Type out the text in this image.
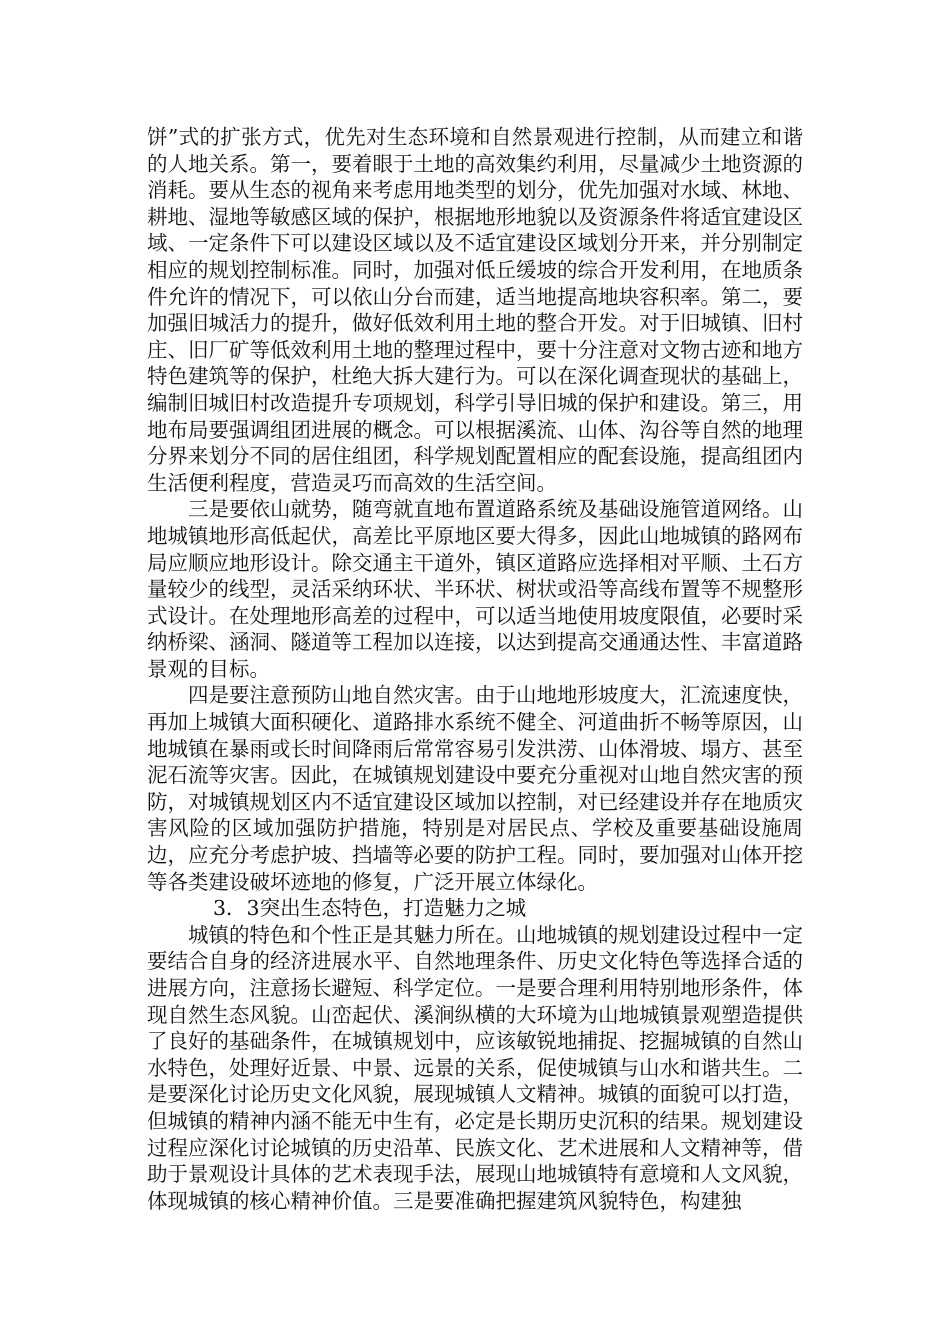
饼”式的扩张方式，优先对生态环境和自然景观进行控制，从而建立和谐的人地关系。第一，要着眼于土地的高效集约利用，尽量减少土地资源的消耗。要从生态的视角来考虑用地类型的划分，优先加强对水域、林地、耕地、湿地等敏感区域的保护，根据地形地貌以及资源条件将适宜建设区域、一定条件下可以建设区域以及不适宜建设区域划分开来，并分别制定相应的规划控制标准。同时，加强对低丘缓坡的综合开发利用，在地质条件允许的情况下，可以依山分台而建，适当地提高地块容积率。第二，要加强旧城活力的提升，做好低效利用土地的整合开发。对于旧城镇、旧村庄、旧厂矿等低效利用土地的整理过程中，要十分注意对文物古迹和地方特色建筑等的保护，杜绝大拆大建行为。可以在深化调查现状的基础上，编制旧城旧村改造提升专项规划，科学引导旧城的保护和建设。第三，用地布局要强调组团进展的概念。可以根据溪流、山体、沟谷等自然的地理分界来划分不同的居住组团，科学规划配置相应的配套设施，提高组团内生活便利程度，营造灵巧而高效的生活空间。

三是要依山就势，随弯就直地布置道路系统及基础设施管道网络。山地城镇地形高低起伏，高差比平原地区要大得多，因此山地城镇的路网布局应顺应地形设计。除交通主干道外，镇区道路应选择相对平顺、土石方量较少的线型，灵活采纳环状、半环状、树状或沿等高线布置等不规整形式设计。在处理地形高差的过程中，可以适当地使用坡度限值，必要时采纳桥梁、涵洞、隧道等工程加以连接，以达到提高交通通达性、丰富道路景观的目标。

四是要注意预防山地自然灾害。由于山地地形坡度大，汇流速度快，再加上城镇大面积硬化、道路排水系统不健全、河道曲折不畅等原因，山地城镇在暴雨或长时间降雨后常常容易引发洪涝、山体滑坡、塌方、甚至泥石流等灾害。因此，在城镇规划建设中要充分重视对山地自然灾害的预防，对城镇规划区内不适宜建设区域加以控制，对已经建设并存在地质灾害风险的区域加强防护措施，特别是对居民点、学校及重要基础设施周边，应充分考虑护坡、挡墙等必要的防护工程。同时，要加强对山体开挖等各类建设破坏迹地的修复，广泛开展立体绿化。

3．3突出生态特色，打造魅力之城

城镇的特色和个性正是其魅力所在。山地城镇的规划建设过程中一定要结合自身的经济进展水平、自然地理条件、历史文化特色等选择合适的进展方向，注意扬长避短、科学定位。一是要合理利用特别地形条件，体现自然生态风貌。山峦起伏、溪涧纵横的大环境为山地城镇景观塑造提供了良好的基础条件，在城镇规划中，应该敏锐地捕捉、挖掘城镇的自然山水特色，处理好近景、中景、远景的关系，促使城镇与山水和谐共生。二是要深化讨论历史文化风貌，展现城镇人文精神。城镇的面貌可以打造，但城镇的精神内涵不能无中生有，必定是长期历史沉积的结果。规划建设过程应深化讨论城镇的历史沿革、民族文化、艺术进展和人文精神等，借助于景观设计具体的艺术表现手法，展现山地城镇特有意境和人文风貌，体现城镇的核心精神价值。三是要准确把握建筑风貌特色，构建独
